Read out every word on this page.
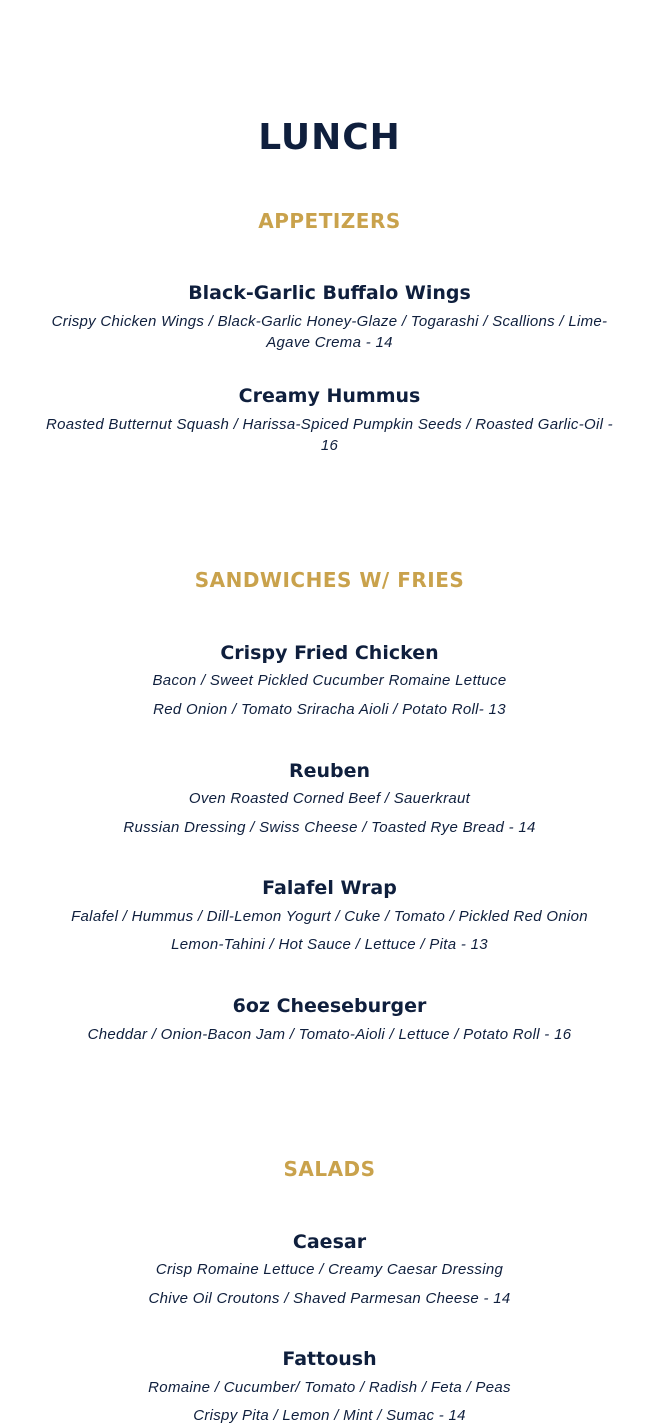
LUNCH
APPETIZERS
Black-Garlic Buffalo Wings
Crispy Chicken Wings / Black-Garlic Honey-Glaze / Togarashi / Scallions / Lime-Agave Crema - 14
Creamy Hummus
Roasted Butternut Squash / Harissa-Spiced Pumpkin Seeds / Roasted Garlic-Oil - 16
SANDWICHES W/ FRIES
Crispy Fried Chicken
Bacon / Sweet Pickled Cucumber Romaine Lettuce
Red Onion / Tomato Sriracha Aioli / Potato Roll- 13
Reuben
Oven Roasted Corned Beef / Sauerkraut
Russian Dressing / Swiss Cheese / Toasted Rye Bread - 14
Falafel Wrap
Falafel / Hummus / Dill-Lemon Yogurt / Cuke / Tomato / Pickled Red Onion
Lemon-Tahini / Hot Sauce / Lettuce / Pita - 13
6oz Cheeseburger
Cheddar / Onion-Bacon Jam / Tomato-Aioli / Lettuce / Potato Roll - 16
SALADS
Caesar
Crisp Romaine Lettuce / Creamy Caesar Dressing
Chive Oil Croutons / Shaved Parmesan Cheese - 14
Fattoush
Romaine / Cucumber/ Tomato / Radish / Feta / Peas
Crispy Pita / Lemon / Mint / Sumac - 14
